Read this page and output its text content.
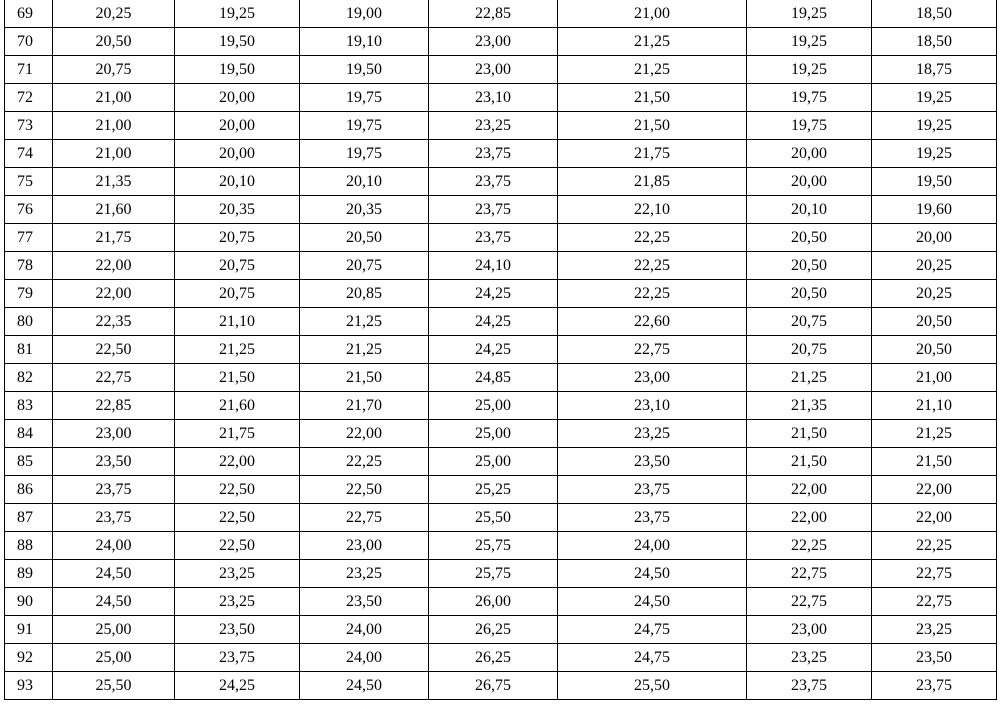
69	20,25	19,25	19,00	22,85	21,00	19,25	18,50
70	20,50	19,50	19,10	23,00	21,25	19,25	18,50
71	20,75	19,50	19,50	23,00	21,25	19,25	18,75
72	21,00	20,00	19,75	23,10	21,50	19,75	19,25
73	21,00	20,00	19,75	23,25	21,50	19,75	19,25
74	21,00	20,00	19,75	23,75	21,75	20,00	19,25
75	21,35	20,10	20,10	23,75	21,85	20,00	19,50
76	21,60	20,35	20,35	23,75	22,10	20,10	19,60
77	21,75	20,75	20,50	23,75	22,25	20,50	20,00
78	22,00	20,75	20,75	24,10	22,25	20,50	20,25
79	22,00	20,75	20,85	24,25	22,25	20,50	20,25
80	22,35	21,10	21,25	24,25	22,60	20,75	20,50
81	22,50	21,25	21,25	24,25	22,75	20,75	20,50
82	22,75	21,50	21,50	24,85	23,00	21,25	21,00
83	22,85	21,60	21,70	25,00	23,10	21,35	21,10
84	23,00	21,75	22,00	25,00	23,25	21,50	21,25
85	23,50	22,00	22,25	25,00	23,50	21,50	21,50
86	23,75	22,50	22,50	25,25	23,75	22,00	22,00
87	23,75	22,50	22,75	25,50	23,75	22,00	22,00
88	24,00	22,50	23,00	25,75	24,00	22,25	22,25
89	24,50	23,25	23,25	25,75	24,50	22,75	22,75
90	24,50	23,25	23,50	26,00	24,50	22,75	22,75
91	25,00	23,50	24,00	26,25	24,75	23,00	23,25
92	25,00	23,75	24,00	26,25	24,75	23,25	23,50
93	25,50	24,25	24,50	26,75	25,50	23,75	23,75
